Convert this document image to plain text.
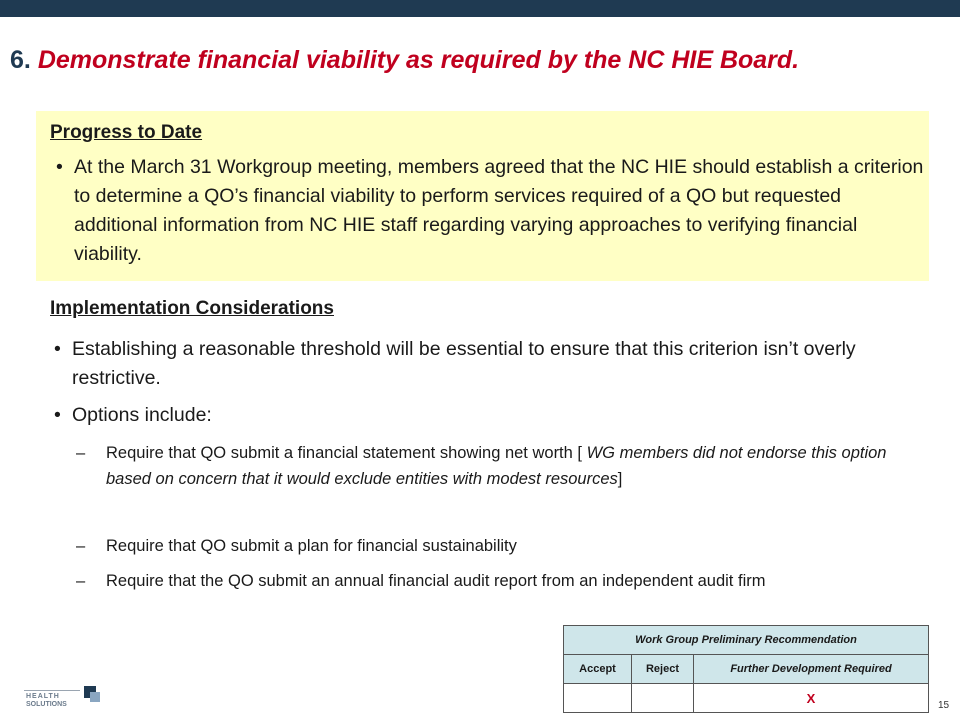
6. Demonstrate financial viability as required by the NC HIE Board.
Progress to Date
• At the March 31 Workgroup meeting, members agreed that the NC HIE should establish a criterion to determine a QO’s financial viability to perform services required of a QO but requested additional information from NC HIE staff regarding varying approaches to verifying financial viability.
Implementation Considerations
• Establishing a reasonable threshold will be essential to ensure that this criterion isn’t overly restrictive.
• Options include:
–	Require that QO submit a financial statement showing net worth [ WG members did not endorse this option based on concern that it would exclude entities with modest resources]
–	Require that QO submit a plan for financial sustainability
–	Require that the QO submit an annual financial audit report from an independent audit firm
Work Group Preliminary Recommendation		
Accept	Reject	Further Development Required
		X
HEALTH
SOLUTIONS	15
